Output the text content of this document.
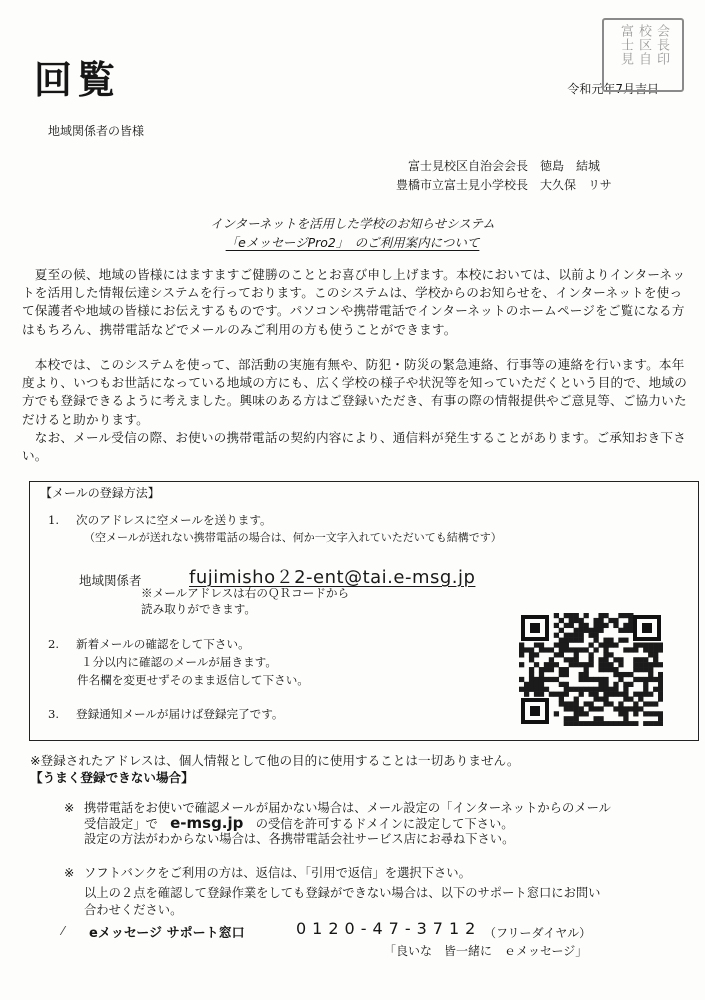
回覧	令和元年7月吉日
富士見 校区自 会長印
地域関係者の皆様
富士見校区自治会会長　徳島　結城
豊橋市立富士見小学校長　大久保　リサ
インターネットを活用した学校のお知らせシステム
「eメッセージPro2」　のご利用案内について
　夏至の候、地域の皆様にはますますご健勝のこととお喜び申し上げます。本校においては、以前よりインターネットを活用した情報伝達システムを行っております。このシステムは、学校からのお知らせを、インターネットを使って保護者や地域の皆様にお伝えするものです。パソコンや携帯電話でインターネットのホームページをご覧になる方はもちろん、携帯電話などでメールのみご利用の方も使うことができます。
　本校では、このシステムを使って、部活動の実施有無や、防犯・防災の緊急連絡、行事等の連絡を行います。本年度より、いつもお世話になっている地域の方にも、広く学校の様子や状況等を知っていただくという目的で、地域の方でも登録できるように考えました。興味のある方はご登録いただき、有事の際の情報提供やご意見等、ご協力いただけると助かります。
　なお、メール受信の際、お使いの携帯電話の契約内容により、通信料が発生することがあります。ご承知おき下さい。
【メールの登録方法】
1. 次のアドレスに空メールを送ります。
（空メールが送れない携帯電話の場合は、何か一文字入れていただいても結構です）
地域関係者	fujimisho２2-ent@tai.e-msg.jp
※メールアドレスは右のＱＲコードから
読み取りができます。
2. 新着メールの確認をして下さい。
１分以内に確認のメールが届きます。
件名欄を変更せずそのまま返信して下さい。
3. 登録通知メールが届けば登録完了です。
※登録されたアドレスは、個人情報として他の目的に使用することは一切ありません。
【うまく登録できない場合】
※ 携帯電話をお使いで確認メールが届かない場合は、メール設定の「インターネットからのメール
受信設定」で　 e-msg.jp　 の受信を許可するドメインに設定して下さい。
設定の方法がわからない場合は、各携帯電話会社サービス店にお尋ね下さい。
※ ソフトバンクをご利用の方は、返信は、「引用で返信」を選択下さい。
以上の２点を確認して登録作業をしても登録ができない場合は、以下のサポート窓口にお問い
合わせください。
⁄ eメッセージ サポート窓口	0120-47-3712 （フリーダイヤル）
「良いな　皆一緒に　ｅメッセージ」
